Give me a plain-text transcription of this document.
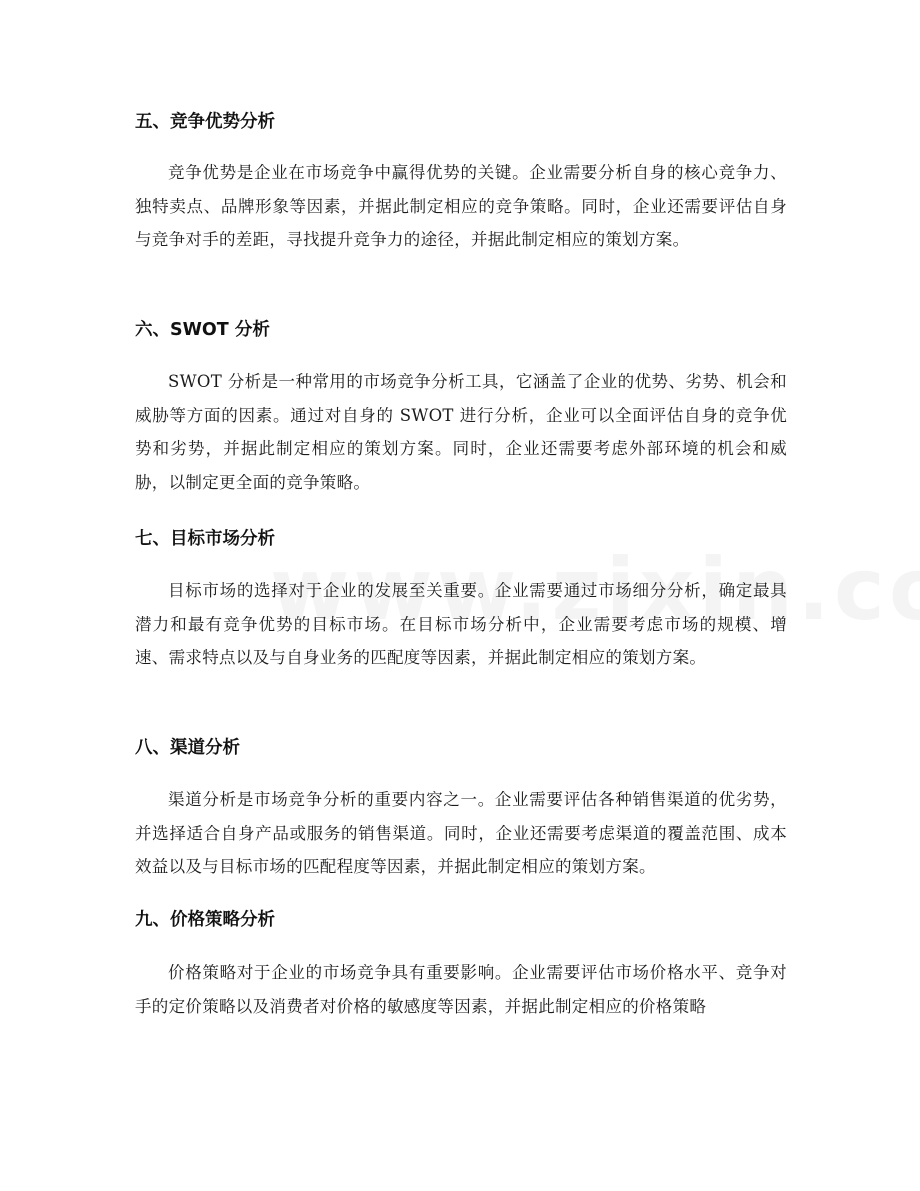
五、竞争优势分析

竞争优势是企业在市场竞争中赢得优势的关键。企业需要分析自身的核心竞争力、独特卖点、品牌形象等因素，并据此制定相应的竞争策略。同时，企业还需要评估自身与竞争对手的差距，寻找提升竞争力的途径，并据此制定相应的策划方案。

六、SWOT 分析

SWOT 分析是一种常用的市场竞争分析工具，它涵盖了企业的优势、劣势、机会和威胁等方面的因素。通过对自身的 SWOT 进行分析，企业可以全面评估自身的竞争优势和劣势，并据此制定相应的策划方案。同时，企业还需要考虑外部环境的机会和威胁，以制定更全面的竞争策略。

七、目标市场分析

目标市场的选择对于企业的发展至关重要。企业需要通过市场细分分析，确定最具潜力和最有竞争优势的目标市场。在目标市场分析中，企业需要考虑市场的规模、增速、需求特点以及与自身业务的匹配度等因素，并据此制定相应的策划方案。

八、渠道分析

渠道分析是市场竞争分析的重要内容之一。企业需要评估各种销售渠道的优劣势，并选择适合自身产品或服务的销售渠道。同时，企业还需要考虑渠道的覆盖范围、成本效益以及与目标市场的匹配程度等因素，并据此制定相应的策划方案。

九、价格策略分析

价格策略对于企业的市场竞争具有重要影响。企业需要评估市场价格水平、竞争对手的定价策略以及消费者对价格的敏感度等因素，并据此制定相应的价格策略
